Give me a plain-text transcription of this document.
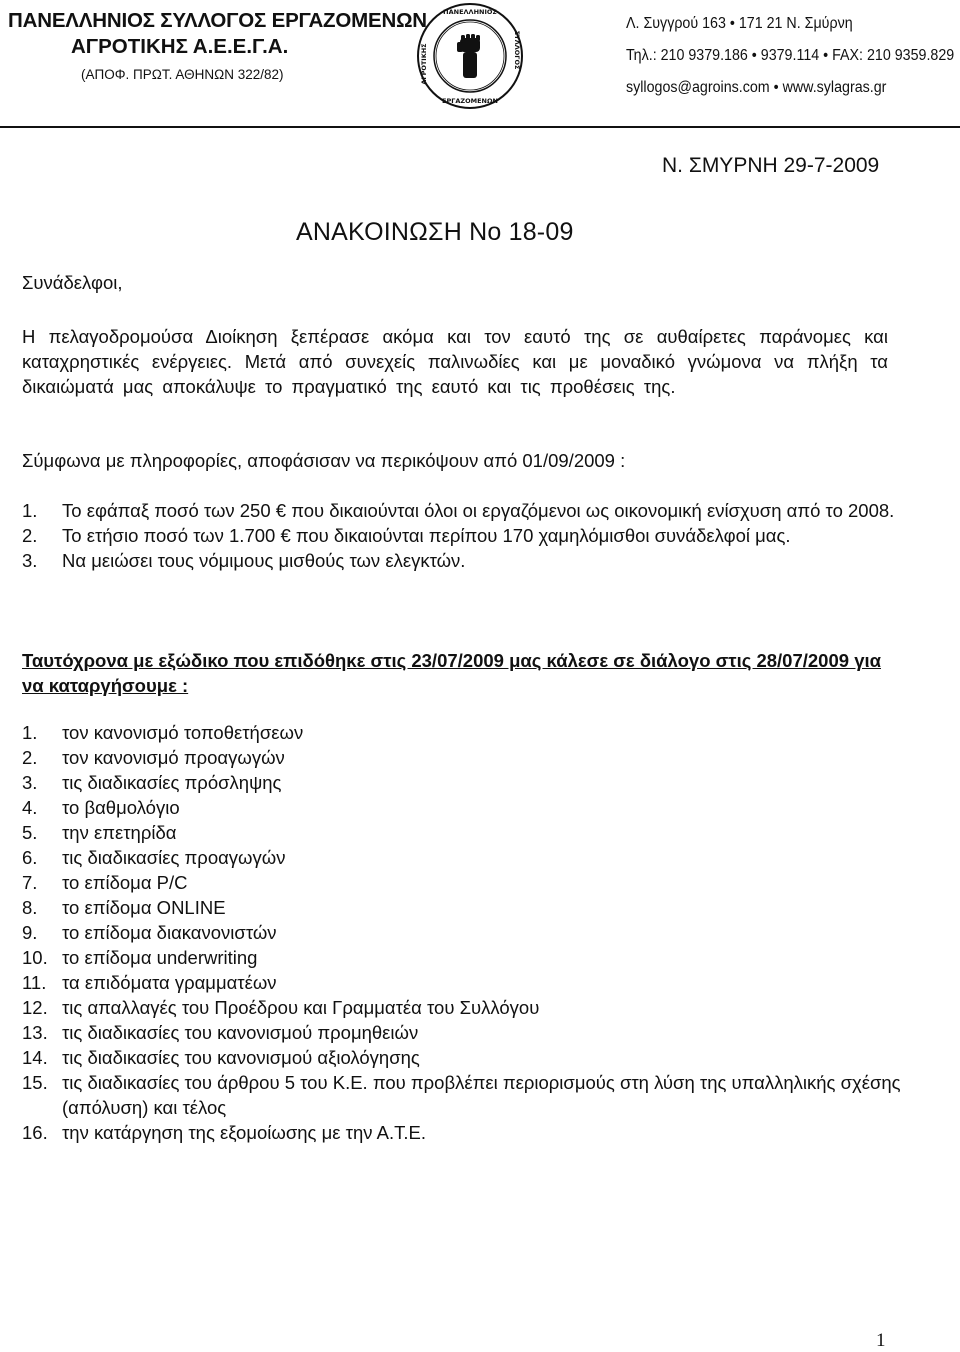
ΠΑΝΕΛΛΗΝΙΟΣ ΣΥΛΛΟΓΟΣ ΕΡΓΑΖΟΜΕΝΩΝ
ΑΓΡΟΤΙΚΗΣ Α.Ε.Ε.Γ.Α.
(ΑΠΟΦ. ΠΡΩΤ. ΑΘΗΝΩΝ 322/82)
ΠΑΝΕΛΛΗΝΙΟΣ
ΕΡΓΑΖΟΜΕΝΩΝ
ΑΓΡΟΤΙΚΗΣ	ΣΥΛΛΟΓΟΣ
Λ. Συγγρού 163 • 171 21 Ν. Σμύρνη
Τηλ.: 210 9379.186 • 9379.114 • FAX: 210 9359.829
syllogos@agroins.com • www.sylagras.gr
Ν. ΣΜΥΡΝΗ 29-7-2009
ΑΝΑΚΟΙΝΩΣΗ Νο 18-09
Συνάδελφοι,
Η πελαγοδρομούσα Διοίκηση ξεπέρασε ακόμα και τον εαυτό της σε αυθαίρετες παράνομες και καταχρηστικές ενέργειες. Μετά από συνεχείς παλινωδίες και με μοναδικό γνώμονα να πλήξη τα δικαιώματά μας αποκάλυψε το πραγματικό της εαυτό και τις προθέσεις της.
Σύμφωνα με πληροφορίες, αποφάσισαν να περικόψουν από 01/09/2009 :
1.	Το εφάπαξ ποσό των 250 € που δικαιούνται όλοι οι εργαζόμενοι ως οικονομική ενίσχυση από το 2008.
2.	Το ετήσιο ποσό των 1.700 € που δικαιούνται περίπου 170 χαμηλόμισθοι συνάδελφοί μας.
3.	Να μειώσει τους νόμιμους μισθούς των ελεγκτών.
Ταυτόχρονα με εξώδικο που επιδόθηκε στις 23/07/2009 μας κάλεσε σε διάλογο στις 28/07/2009 για να καταργήσουμε :
1.	τον κανονισμό τοποθετήσεων
2.	τον κανονισμό προαγωγών
3.	τις διαδικασίες πρόσληψης
4.	το βαθμολόγιο
5.	την επετηρίδα
6.	τις διαδικασίες προαγωγών
7.	το επίδομα P/C
8.	το επίδομα ONLINE
9.	το επίδομα διακανονιστών
10. το επίδομα underwriting
11. τα επιδόματα γραμματέων
12. τις απαλλαγές του Προέδρου και Γραμματέα του Συλλόγου
13. τις διαδικασίες του κανονισμού προμηθειών
14. τις διαδικασίες του κανονισμού αξιολόγησης
15. τις διαδικασίες του άρθρου 5 του Κ.Ε. που προβλέπει περιορισμούς στη λύση της υπαλληλικής σχέσης (απόλυση) και τέλος
16. την κατάργηση της εξομοίωσης με την Α.Τ.Ε.
1
